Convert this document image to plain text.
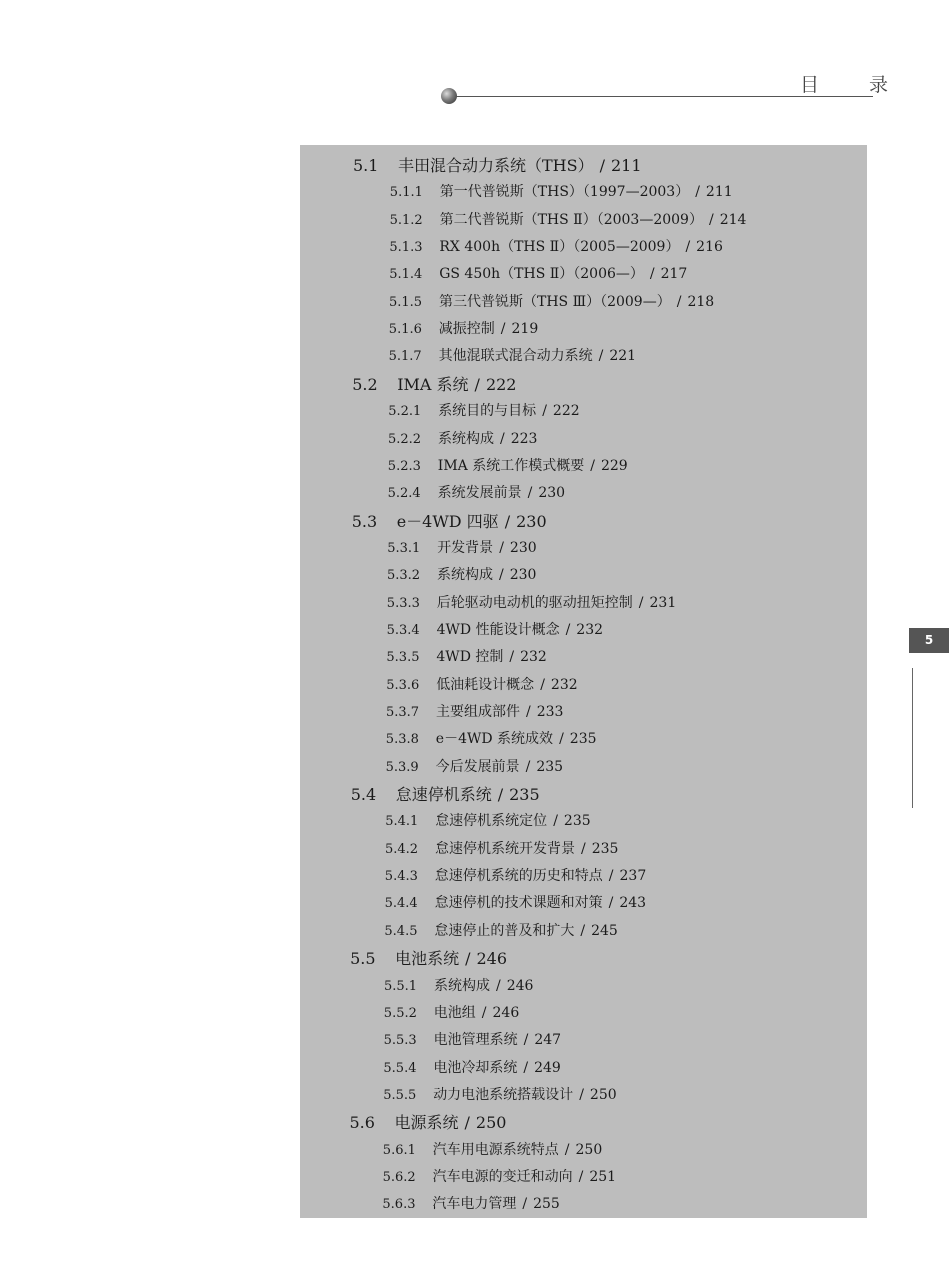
目 录
5.1 丰田混合动力系统（THS） / 211
5.1.1 第一代普锐斯（THS）（1997—2003） / 211
5.1.2 第二代普锐斯（THS Ⅱ）（2003—2009） / 214
5.1.3 RX 400h（THS Ⅱ）（2005—2009） / 216
5.1.4 GS 450h（THS Ⅱ）（2006—） / 217
5.1.5 第三代普锐斯（THS Ⅲ）（2009—） / 218
5.1.6 减振控制 / 219
5.1.7 其他混联式混合动力系统 / 221
5.2 IMA 系统 / 222
5.2.1 系统目的与目标 / 222
5.2.2 系统构成 / 223
5.2.3 IMA 系统工作模式概要 / 229
5.2.4 系统发展前景 / 230
5.3 e－4WD 四驱 / 230
5.3.1 开发背景 / 230
5.3.2 系统构成 / 230
5.3.3 后轮驱动电动机的驱动扭矩控制 / 231
5.3.4 4WD 性能设计概念 / 232
5.3.5 4WD 控制 / 232
5.3.6 低油耗设计概念 / 232
5.3.7 主要组成部件 / 233
5.3.8 e－4WD 系统成效 / 235
5.3.9 今后发展前景 / 235
5.4 怠速停机系统 / 235
5.4.1 怠速停机系统定位 / 235
5.4.2 怠速停机系统开发背景 / 235
5.4.3 怠速停机系统的历史和特点 / 237
5.4.4 怠速停机的技术课题和对策 / 243
5.4.5 怠速停止的普及和扩大 / 245
5.5 电池系统 / 246
5.5.1 系统构成 / 246
5.5.2 电池组 / 246
5.5.3 电池管理系统 / 247
5.5.4 电池冷却系统 / 249
5.5.5 动力电池系统搭载设计 / 250
5.6 电源系统 / 250
5.6.1 汽车用电源系统特点 / 250
5.6.2 汽车电源的变迁和动向 / 251
5.6.3 汽车电力管理 / 255
5
